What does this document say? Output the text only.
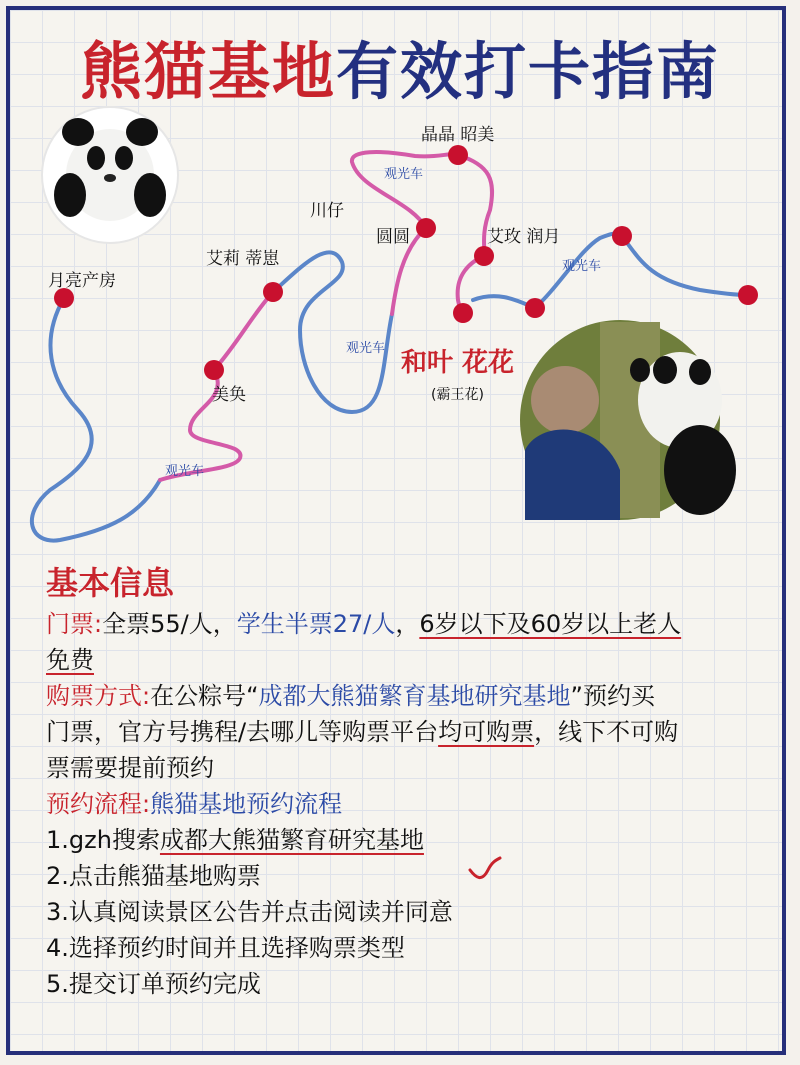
熊猫基地有效打卡指南
月亮产房
艾莉 蒂崽
川仔
晶晶 昭美
圆圆	艾玫 润月
美奂
观光车
观光车
观光车
观光车
和叶 花花
(霸王花)
基本信息
门票:全票55/人，学生半票27/人，6岁以下及60岁以上老人
免费
购票方式:在公粽号“成都大熊猫繁育基地研究基地”预约买
门票，官方号携程/去哪儿等购票平台均可购票，线下不可购
票需要提前预约
预约流程:熊猫基地预约流程
1.gzh搜索成都大熊猫繁育研究基地
2.点击熊猫基地购票
3.认真阅读景区公告并点击阅读并同意
4.选择预约时间并且选择购票类型
5.提交订单预约完成
